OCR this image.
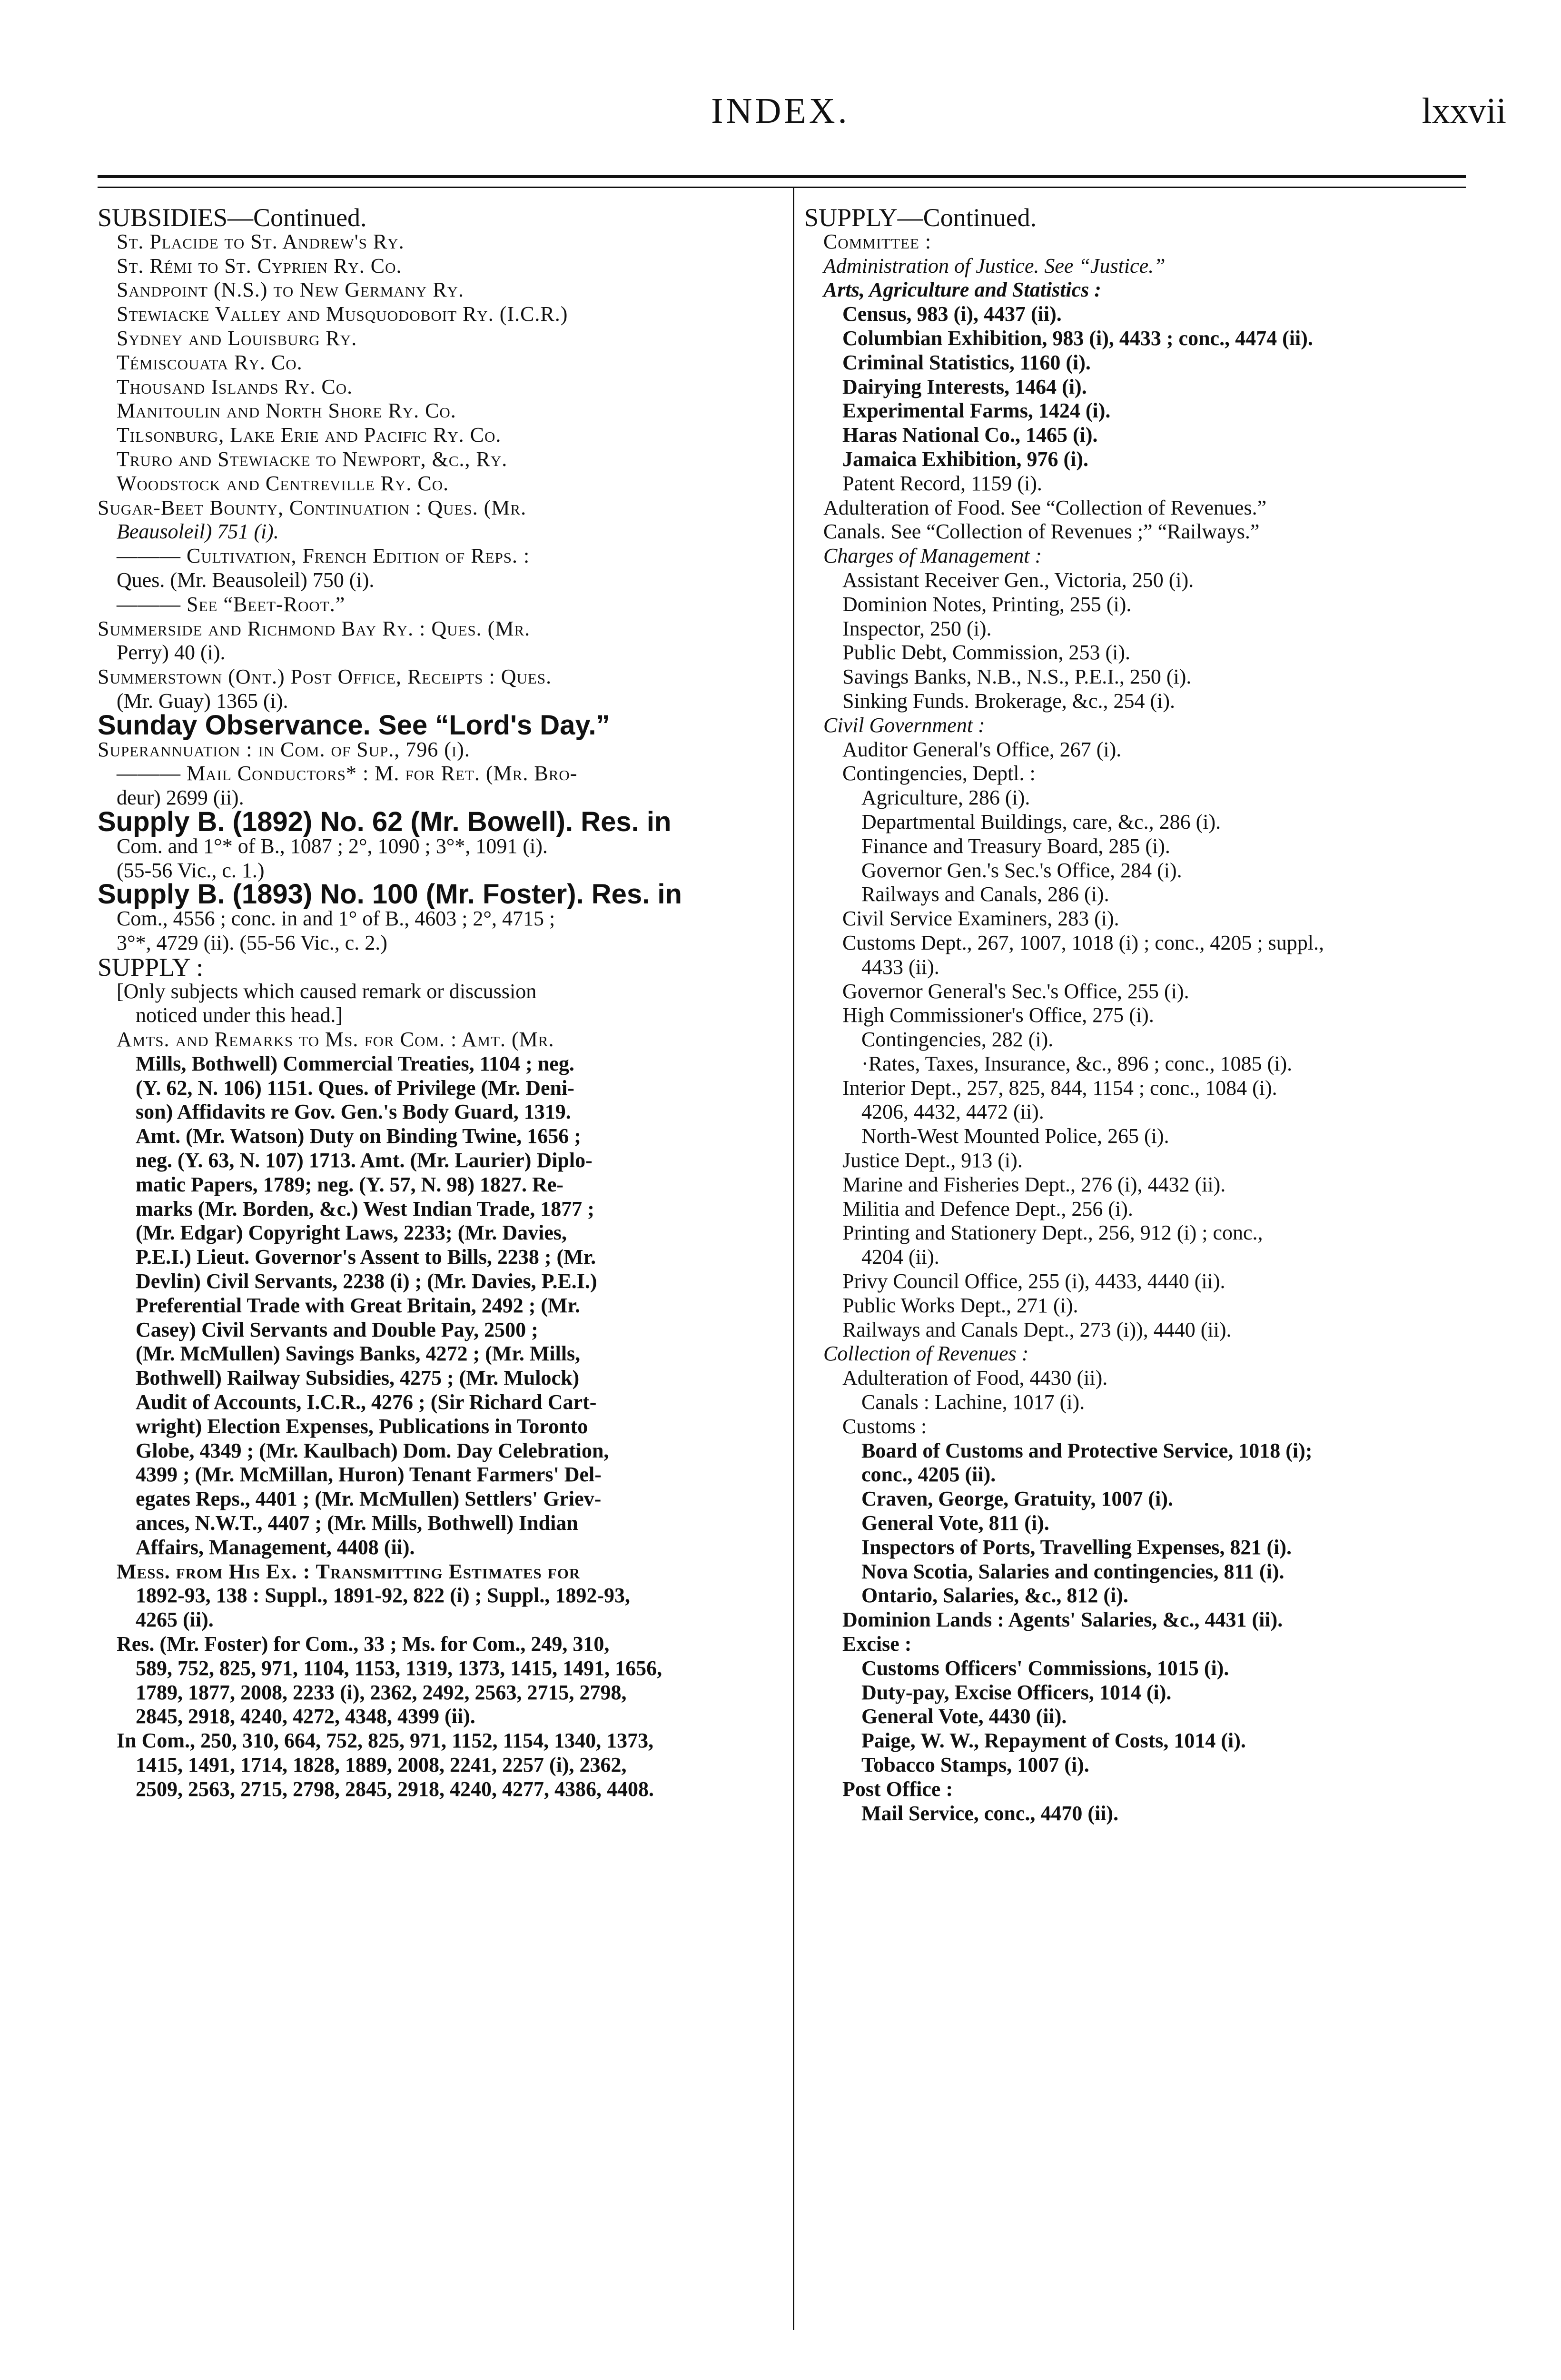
INDEX.	lxxvii
SUBSIDIES—Continued.
St. Placide to St. Andrew's Ry.
St. Rémi to St. Cyprien Ry. Co.
Sandpoint (N.S.) to New Germany Ry.
Stewiacke Valley and Musquodoboit Ry. (I.C.R.)
Sydney and Louisburg Ry.
Témiscouata Ry. Co.
Thousand Islands Ry. Co.
Manitoulin and North Shore Ry. Co.
Tilsonburg, Lake Erie and Pacific Ry. Co.
Truro and Stewiacke to Newport, &c., Ry.
Woodstock and Centreville Ry. Co.
Sugar-Beet Bounty, Continuation : Ques. (Mr.
Beausoleil) 751 (i).
——— Cultivation, French Edition of Reps. :
Ques. (Mr. Beausoleil) 750 (i).
——— See “Beet-Root.”
Summerside and Richmond Bay Ry. : Ques. (Mr.
Perry) 40 (i).
Summerstown (Ont.) Post Office, Receipts : Ques.
(Mr. Guay) 1365 (i).
Sunday Observance. See “Lord's Day.”
Superannuation : in Com. of Sup., 796 (i).
——— Mail Conductors* : M. for Ret. (Mr. Bro-
deur) 2699 (ii).
Supply B. (1892) No. 62 (Mr. Bowell). Res. in
Com. and 1°* of B., 1087 ; 2°, 1090 ; 3°*, 1091 (i).
(55-56 Vic., c. 1.)
Supply B. (1893) No. 100 (Mr. Foster). Res. in
Com., 4556 ; conc. in and 1° of B., 4603 ; 2°, 4715 ;
3°*, 4729 (ii). (55-56 Vic., c. 2.)
SUPPLY :
[Only subjects which caused remark or discussion
noticed under this head.]
Amts. and Remarks to Ms. for Com. : Amt. (Mr.
Mills, Bothwell) Commercial Treaties, 1104 ; neg.
(Y. 62, N. 106) 1151. Ques. of Privilege (Mr. Deni-
son) Affidavits re Gov. Gen.'s Body Guard, 1319.
Amt. (Mr. Watson) Duty on Binding Twine, 1656 ;
neg. (Y. 63, N. 107) 1713. Amt. (Mr. Laurier) Diplo-
matic Papers, 1789; neg. (Y. 57, N. 98) 1827. Re-
marks (Mr. Borden, &c.) West Indian Trade, 1877 ;
(Mr. Edgar) Copyright Laws, 2233; (Mr. Davies,
P.E.I.) Lieut. Governor's Assent to Bills, 2238 ; (Mr.
Devlin) Civil Servants, 2238 (i) ; (Mr. Davies, P.E.I.)
Preferential Trade with Great Britain, 2492 ; (Mr.
Casey) Civil Servants and Double Pay, 2500 ;
(Mr. McMullen) Savings Banks, 4272 ; (Mr. Mills,
Bothwell) Railway Subsidies, 4275 ; (Mr. Mulock)
Audit of Accounts, I.C.R., 4276 ; (Sir Richard Cart-
wright) Election Expenses, Publications in Toronto
Globe, 4349 ; (Mr. Kaulbach) Dom. Day Celebration,
4399 ; (Mr. McMillan, Huron) Tenant Farmers' Del-
egates Reps., 4401 ; (Mr. McMullen) Settlers' Griev-
ances, N.W.T., 4407 ; (Mr. Mills, Bothwell) Indian
Affairs, Management, 4408 (ii).
Mess. from His Ex. : Transmitting Estimates for
1892-93, 138 : Suppl., 1891-92, 822 (i) ; Suppl., 1892-93,
4265 (ii).
Res. (Mr. Foster) for Com., 33 ; Ms. for Com., 249, 310,
589, 752, 825, 971, 1104, 1153, 1319, 1373, 1415, 1491, 1656,
1789, 1877, 2008, 2233 (i), 2362, 2492, 2563, 2715, 2798,
2845, 2918, 4240, 4272, 4348, 4399 (ii).
In Com., 250, 310, 664, 752, 825, 971, 1152, 1154, 1340, 1373,
1415, 1491, 1714, 1828, 1889, 2008, 2241, 2257 (i), 2362,
2509, 2563, 2715, 2798, 2845, 2918, 4240, 4277, 4386, 4408.
SUPPLY—Continued.
Committee :
Administration of Justice. See “Justice.”
Arts, Agriculture and Statistics :
Census, 983 (i), 4437 (ii).
Columbian Exhibition, 983 (i), 4433 ; conc., 4474 (ii).
Criminal Statistics, 1160 (i).
Dairying Interests, 1464 (i).
Experimental Farms, 1424 (i).
Haras National Co., 1465 (i).
Jamaica Exhibition, 976 (i).
Patent Record, 1159 (i).
Adulteration of Food. See “Collection of Revenues.”
Canals. See “Collection of Revenues ;” “Railways.”
Charges of Management :
Assistant Receiver Gen., Victoria, 250 (i).
Dominion Notes, Printing, 255 (i).
Inspector, 250 (i).
Public Debt, Commission, 253 (i).
Savings Banks, N.B., N.S., P.E.I., 250 (i).
Sinking Funds. Brokerage, &c., 254 (i).
Civil Government :
Auditor General's Office, 267 (i).
Contingencies, Deptl. :
Agriculture, 286 (i).
Departmental Buildings, care, &c., 286 (i).
Finance and Treasury Board, 285 (i).
Governor Gen.'s Sec.'s Office, 284 (i).
Railways and Canals, 286 (i).
Civil Service Examiners, 283 (i).
Customs Dept., 267, 1007, 1018 (i) ; conc., 4205 ; suppl.,
4433 (ii).
Governor General's Sec.'s Office, 255 (i).
High Commissioner's Office, 275 (i).
Contingencies, 282 (i).
·Rates, Taxes, Insurance, &c., 896 ; conc., 1085 (i).
Interior Dept., 257, 825, 844, 1154 ; conc., 1084 (i).
4206, 4432, 4472 (ii).
North-West Mounted Police, 265 (i).
Justice Dept., 913 (i).
Marine and Fisheries Dept., 276 (i), 4432 (ii).
Militia and Defence Dept., 256 (i).
Printing and Stationery Dept., 256, 912 (i) ; conc.,
4204 (ii).
Privy Council Office, 255 (i), 4433, 4440 (ii).
Public Works Dept., 271 (i).
Railways and Canals Dept., 273 (i)), 4440 (ii).
Collection of Revenues :
Adulteration of Food, 4430 (ii).
Canals : Lachine, 1017 (i).
Customs :
Board of Customs and Protective Service, 1018 (i);
conc., 4205 (ii).
Craven, George, Gratuity, 1007 (i).
General Vote, 811 (i).
Inspectors of Ports, Travelling Expenses, 821 (i).
Nova Scotia, Salaries and contingencies, 811 (i).
Ontario, Salaries, &c., 812 (i).
Dominion Lands : Agents' Salaries, &c., 4431 (ii).
Excise :
Customs Officers' Commissions, 1015 (i).
Duty-pay, Excise Officers, 1014 (i).
General Vote, 4430 (ii).
Paige, W. W., Repayment of Costs, 1014 (i).
Tobacco Stamps, 1007 (i).
Post Office :
Mail Service, conc., 4470 (ii).
